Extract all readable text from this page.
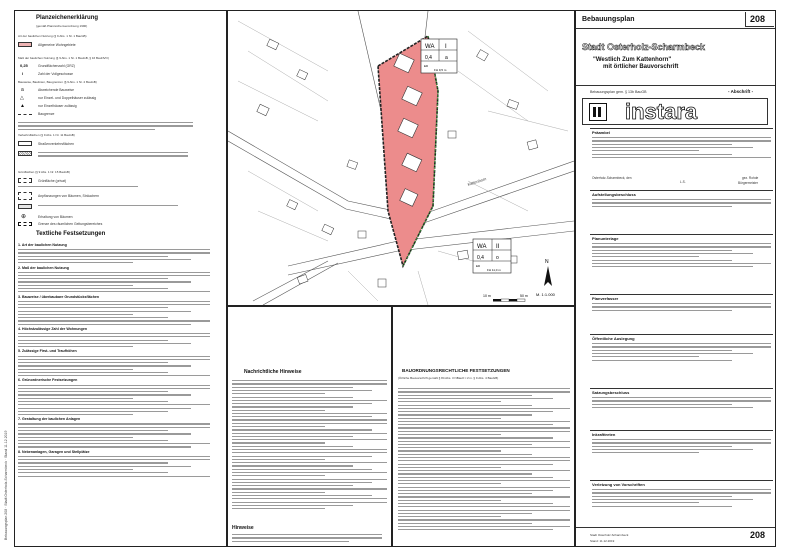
Bebauungsplan 208 · Stadt Osterholz-Scharmbeck · Stand 11.12.2019
Planzeichenerklärung
(gemäß Planzeichenverordnung 1990)
Art der baulichen Nutzung (§ 9 Abs. 1 Nr. 1 BauGB)
Allgemeine Wohngebiete
Maß der baulichen Nutzung (§ 9 Abs. 1 Nr. 1 BauGB, § 16 BauNVO)
0,25	Grundflächenzahl (GRZ)
I	Zahl der Vollgeschosse
Bauweise, Baulinien, Baugrenzen (§ 9 Abs. 1 Nr. 2 BauGB)
a	Abweichende Bauweise
△	nur Einzel- und Doppelhäuser zulässig
▲	nur Einzelhäuser zulässig
Baugrenze
Verkehrsflächen (§ 9 Abs. 1 Nr. 11 BauGB)
Straßenverkehrsflächen
Grünflächen (§ 9 Abs. 1 Nr. 15 BauGB)
Grünfläche (privat)
Anpflanzungen von Bäumen, Sträuchern
⊕	Erhaltung von Bäumen
Grenze des räumlichen Geltungsbereiches
Textliche Festsetzungen
1. Art der baulichen Nutzung
2. Maß der baulichen Nutzung
3. Bauweise / überbaubare Grundstücksflächen
4. Höchstzulässige Zahl der Wohnungen
5. Zulässige First- und Traufhöhen
6. Grünordnerische Festsetzungen
7. Gestaltung der baulichen Anlagen
8. Nebenanlagen, Garagen und Stellplätze
WA I
0,4	a
ED
FH 9,5 m
WA II
0,4 o
ED
FH 11,0 m
Kattenhorn
N
M. 1:1.000
10 m	50 m
Nachrichtliche Hinweise
Hinweise
BAUORDNUNGSRECHTLICHE FESTSETZUNGEN
(Örtliche Bauvorschrift gemäß § 84 Abs. 3 NBauO i.V.m. § 9 Abs. 4 BauGB)
Bebauungsplan	208
Stadt Osterholz-Scharmbeck
"Westlich Zum Kattenhorn"
mit örtlicher Bauvorschrift
Bebauungsplan gem. § 13b BauGB	- Abschrift -
instara
Präambel
Aufstellungsbeschluss
Planunterlage
Planverfasser
Öffentliche Auslegung
Satzungsbeschluss
Inkrafttreten
Verletzung von Vorschriften
Osterholz-Scharmbeck, den
L.S.
gez. Rohde
Bürgermeister
Stadt Osterholz-Scharmbeck
Stand: 11.12.2019
208
